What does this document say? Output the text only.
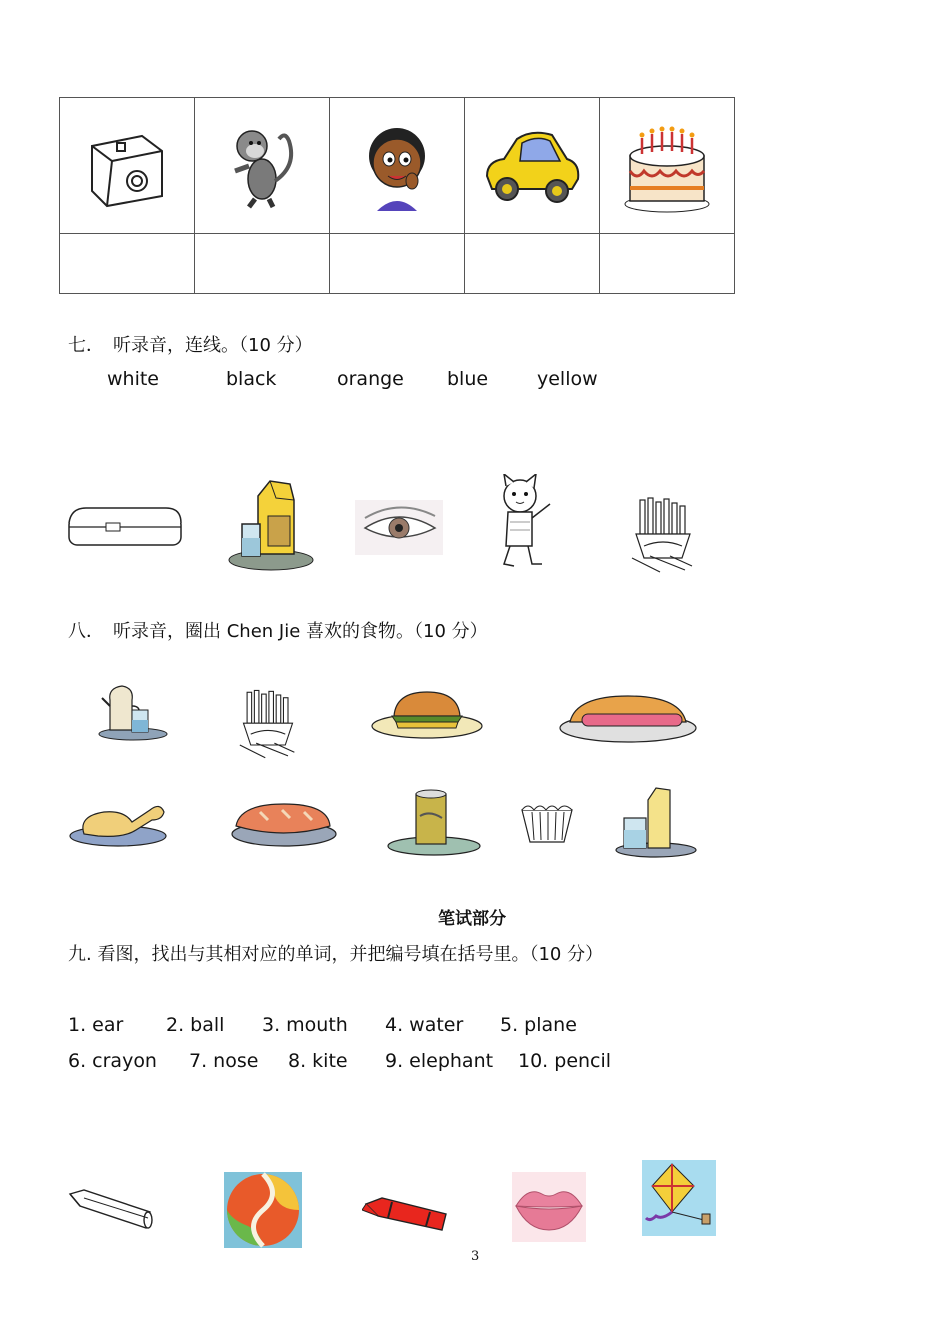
七．　听录音，连线。（10 分）
white	black	orange blue	yellow
八．　听录音，圈出 Chen Jie 喜欢的食物。（10 分）
笔试部分
九. 看图，找出与其相对应的单词，并把编号填在括号里。（10 分）
1. ear 2. ball 3. mouth 4. water 5. plane
6. crayon 7. nose 8. kite 9. elephant 10. pencil
3
